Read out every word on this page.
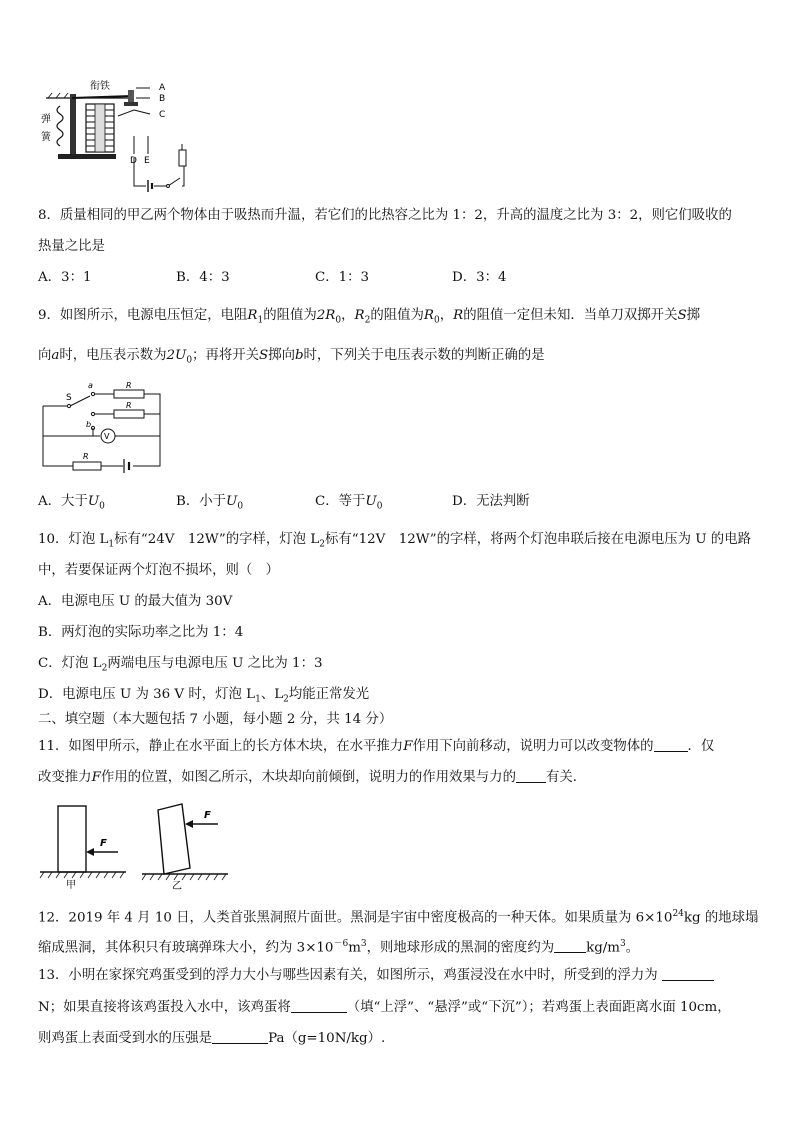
衔铁
弹
簧
A
B
C
D E
8．质量相同的甲乙两个物体由于吸热而升温，若它们的比热容之比为 1：2，升高的温度之比为 3：2，则它们吸收的
热量之比是
A．3：1	B．4：3	C．1：3	D．3：4
9．如图所示，电源电压恒定，电阻$R_1$的阻值为$2R_0$，$R_2$的阻值为$R_0$，R的阻值一定但未知．当单刀双掷开关S掷
向a时，电压表示数为$2U_0$；再将开关S掷向b时，下列关于电压表示数的判断正确的是
S
a
b
R
R
V
R
A．大于$U_0$	B．小于$U_0$	C．等于$U_0$	D．无法判断
10．灯泡 $L_1$标有“24V　12W”的字样，灯泡 $L_2$标有“12V　12W”的字样，将两个灯泡串联后接在电源电压为 U 的电路
中，若要保证两个灯泡不损坏，则（　）
A．电源电压 U 的最大值为 30V
B．两灯泡的实际功率之比为 1：4
C．灯泡 $L_2$两端电压与电源电压 U 之比为 1：3
D．电源电压 U 为 36 V 时，灯泡 $L_1$、$L_2$均能正常发光
二、填空题（本大题包括 7 小题，每小题 2 分，共 14 分）
11．如图甲所示，静止在水平面上的长方体木块，在水平推力F作用下向前移动，说明力可以改变物体的	．仅
改变推力F作用的位置，如图乙所示，木块却向前倾倒，说明力的作用效果与力的 有关．
F
甲
F
乙
12．2019 年 4 月 10 日，人类首张黑洞照片面世。黑洞是宇宙中密度极高的一种天体。如果质量为 $6\times 10^{24}kg$ 的地球塌
缩成黑洞，其体积只有玻璃弹珠大小，约为 $3\times 10^{-6}m^3$，则地球形成的黑洞的密度约为 $kg/m^3$。
13．小明在家探究鸡蛋受到的浮力大小与哪些因素有关，如图所示，鸡蛋浸没在水中时，所受到的浮力为
N；如果直接将该鸡蛋投入水中，该鸡蛋将	（填“上浮”、“悬浮”或“下沉”）；若鸡蛋上表面距离水面 10cm，
则鸡蛋上表面受到水的压强是	Pa（g=10N/kg）.
